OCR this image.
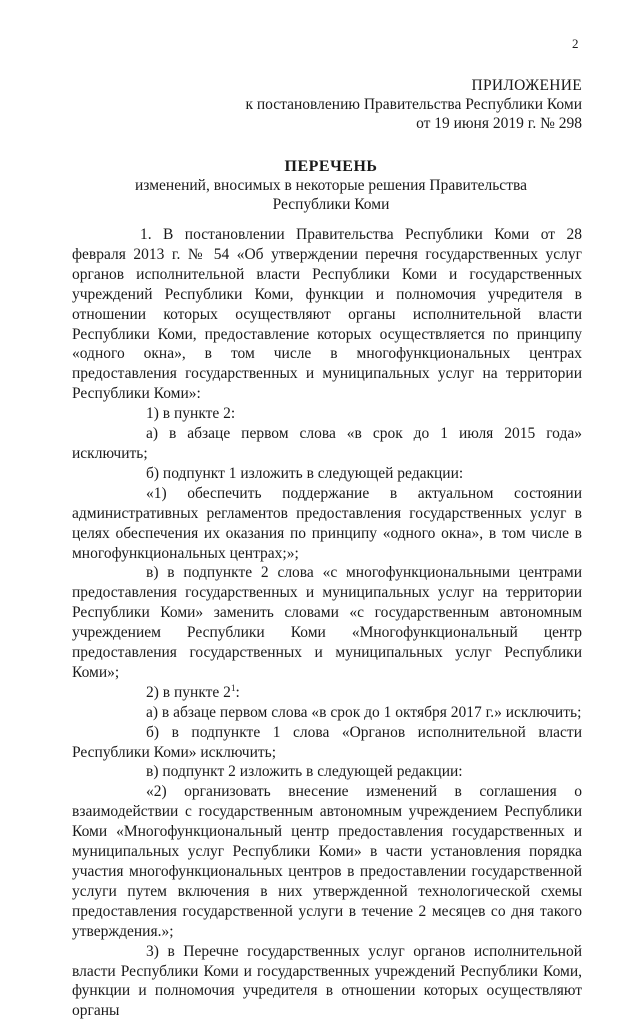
2
ПРИЛОЖЕНИЕ
к постановлению Правительства Республики Коми
от 19 июня 2019 г. № 298
ПЕРЕЧЕНЬ
изменений, вносимых в некоторые решения Правительства
Республики Коми

1. В постановлении Правительства Республики Коми от 28 февраля 2013 г. № 54 «Об утверждении перечня государственных услуг органов исполнительной власти Республики Коми и государственных учреждений Республики Коми, функции и полномочия учредителя в отношении которых осуществляют органы исполнительной власти Республики Коми, предоставление которых осуществляется по принципу «одного окна», в том числе в многофункциональных центрах предоставления государственных и муниципальных услуг на территории Республики Коми»:

1) в пункте 2:

а) в абзаце первом слова «в срок до 1 июля 2015 года» исключить;

б) подпункт 1 изложить в следующей редакции:

«1) обеспечить поддержание в актуальном состоянии административных регламентов предоставления государственных услуг в целях обеспечения их оказания по принципу «одного окна», в том числе в многофункциональных центрах;»;

в) в подпункте 2 слова «с многофункциональными центрами предоставления государственных и муниципальных услуг на территории Республики Коми» заменить словами «с государственным автономным учреждением Республики Коми «Многофункциональный центр предоставления государственных и муниципальных услуг Республики Коми»;

2) в пункте $2^1$:

а) в абзаце первом слова «в срок до 1 октября 2017 г.» исключить;

б) в подпункте 1 слова «Органов исполнительной власти Республики Коми» исключить;

в) подпункт 2 изложить в следующей редакции:

«2) организовать внесение изменений в соглашения о взаимодействии с государственным автономным учреждением Республики Коми «Многофункциональный центр предоставления государственных и муниципальных услуг Республики Коми» в части установления порядка участия многофункциональных центров в предоставлении государственной услуги путем включения в них утвержденной технологической схемы предоставления государственной услуги в течение 2 месяцев со дня такого утверждения.»;

3) в Перечне государственных услуг органов исполнительной власти Республики Коми и государственных учреждений Республики Коми, функции и полномочия учредителя в отношении которых осуществляют органы
